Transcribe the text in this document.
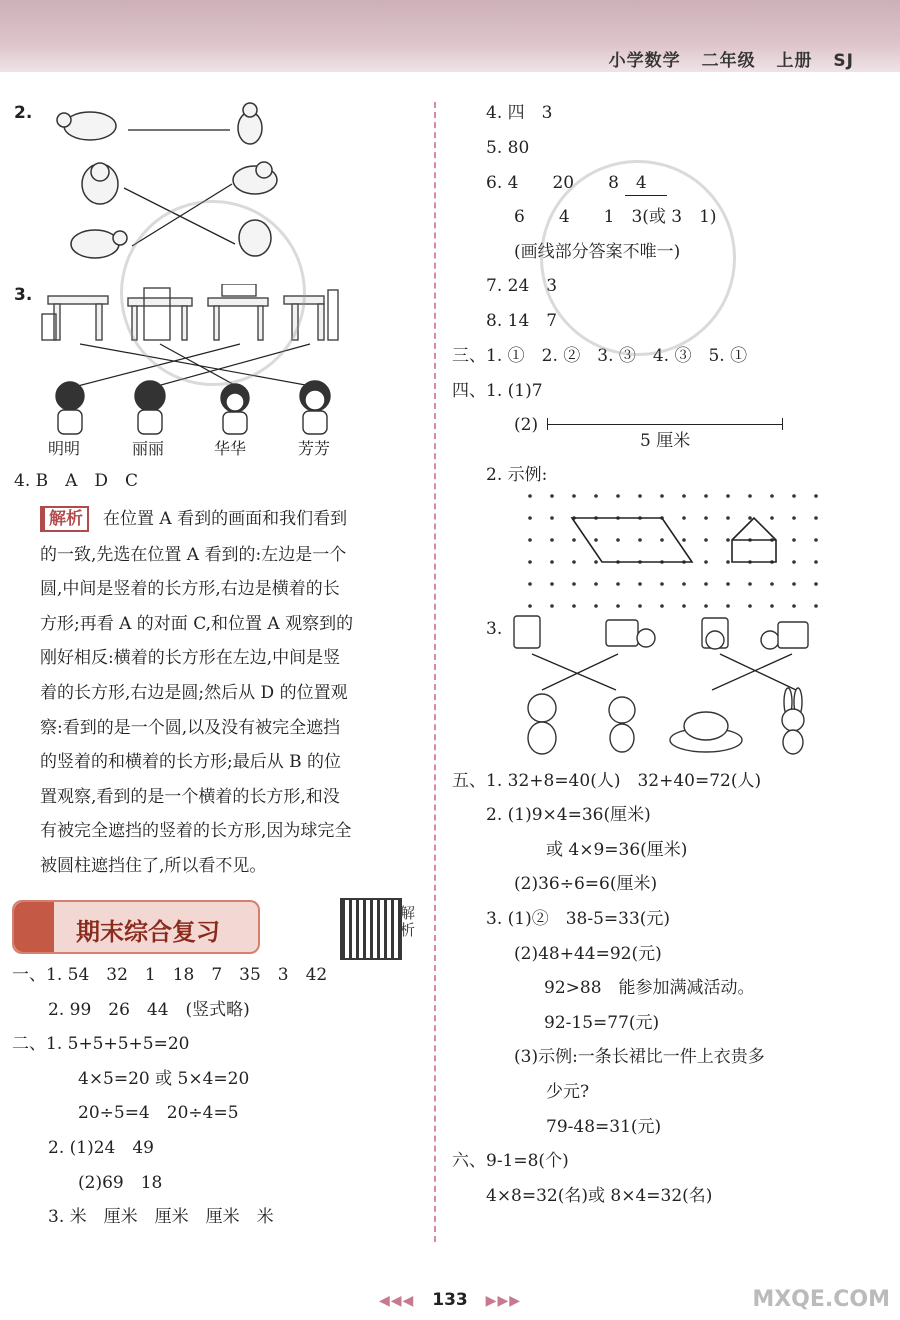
小学数学 二年级 上册 SJ
2.
3.
明明	丽丽	华华	芳芳
4. B　A　D　C
解析 在位置 A 看到的画面和我们看到
的一致,先选在位置 A 看到的:左边是一个
圆,中间是竖着的长方形,右边是横着的长
方形;再看 A 的对面 C,和位置 A 观察到的
刚好相反:横着的长方形在左边,中间是竖
着的长方形,右边是圆;然后从 D 的位置观
察:看到的是一个圆,以及没有被完全遮挡
的竖着的和横着的长方形;最后从 B 的位
置观察,看到的是一个横着的长方形,和没
有被完全遮挡的竖着的长方形,因为球完全
被圆柱遮挡住了,所以看不见。
期末综合复习
解析
一、1. 54　32　1　18　7　35　3　42
2. 99　26　44　(竖式略)
二、1. 5+5+5+5=20
4×5=20 或 5×4=20
20÷5=4　20÷4=5
2. (1)24　49
(2)69　18
3. 米　厘米　厘米　厘米　米
4. 四　3
5. 80
6. 4　　20　　8　4
6　　4　　1　3(或 3　1)
(画线部分答案不唯一)
7. 24　3
8. 14　7
三、1. ①　2. ②　3. ③　4. ③　5. ①
四、1. (1)7
(2)
5 厘米
2. 示例:
3.
五、1. 32+8=40(人)　32+40=72(人)
2. (1)9×4=36(厘米)
或 4×9=36(厘米)
(2)36÷6=6(厘米)
3. (1)②　38-5=33(元)
(2)48+44=92(元)
92>88　能参加满减活动。
92-15=77(元)
(3)示例:一条长裙比一件上衣贵多
少元?
79-48=31(元)
六、9-1=8(个)
4×8=32(名)或 8×4=32(名)
◀◀◀ 133 ▶▶▶	MXQE.COM
